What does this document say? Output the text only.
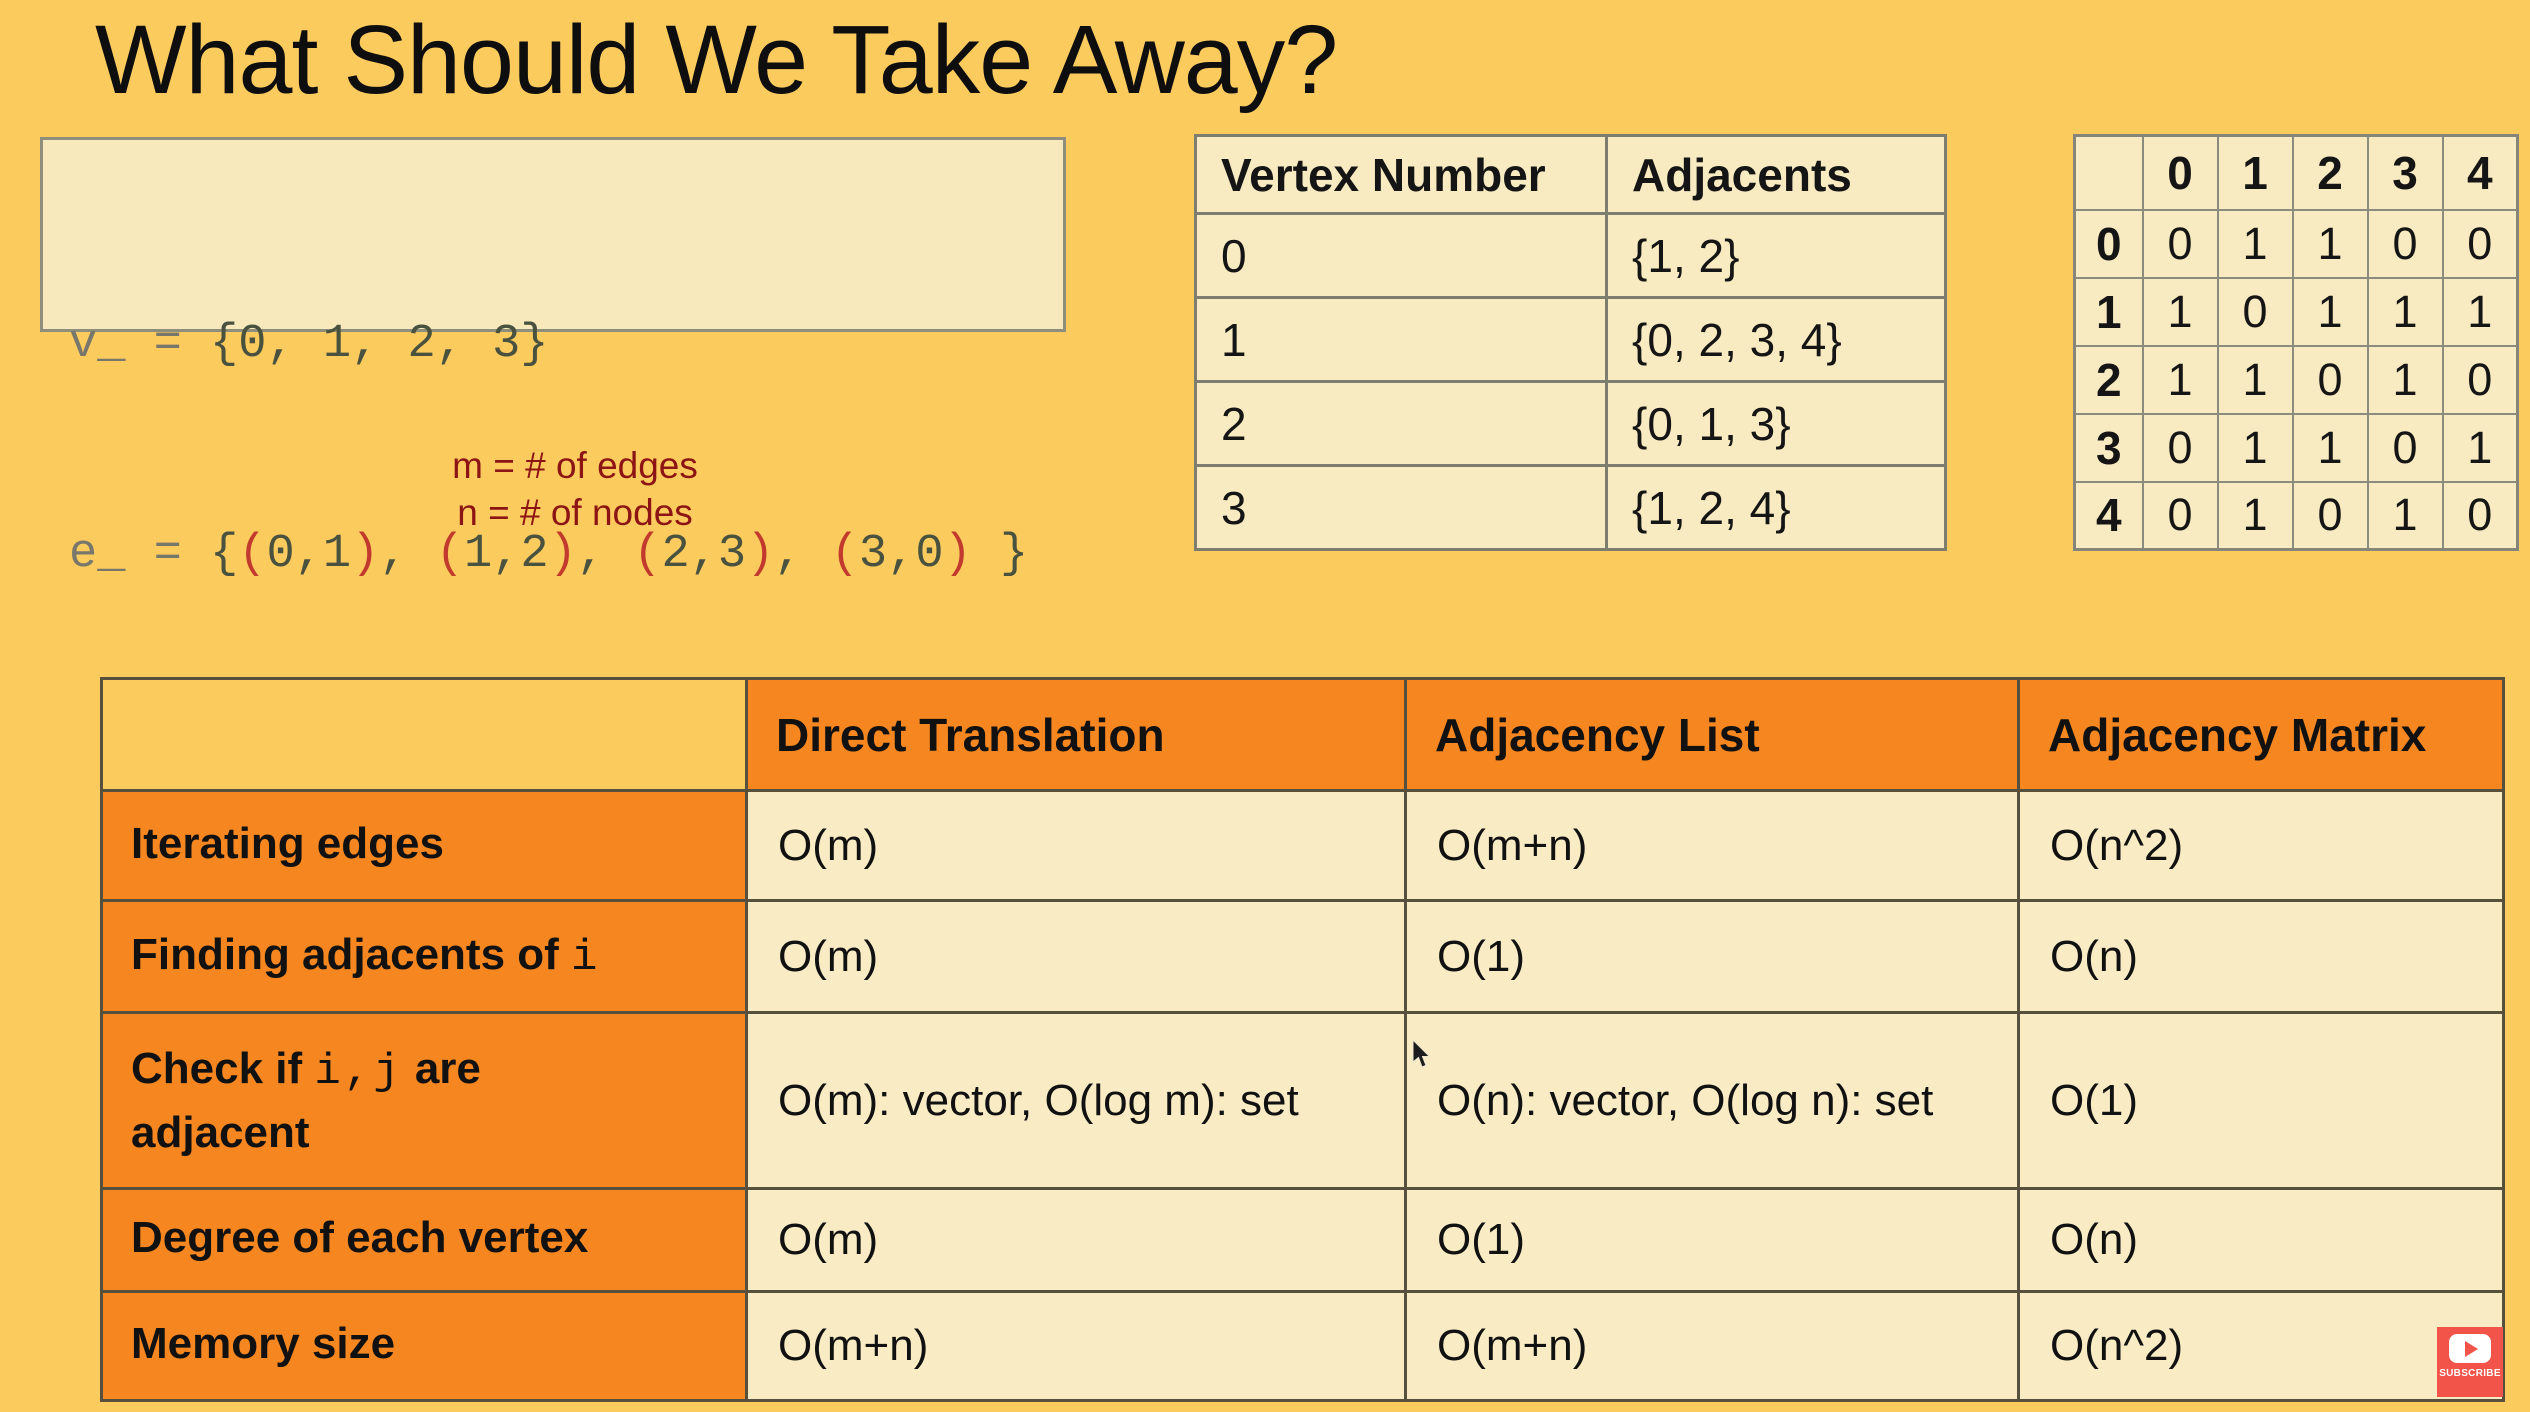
What Should We Take Away?

v_ = {0, 1, 2, 3}

e_ = {(0,1), (1,2), (2,3), (3,0) }

m = # of edges
n = # of nodes
Vertex Number	Adjacents
0	{1, 2}
1	{0, 2, 3, 4}
2	{0, 1, 3}
3	{1, 2, 4}
	0	1	2	3	4
0	0	1	1	0	0
1	1	0	1	1	1
2	1	1	0	1	0
3	0	1	1	0	1
4	0	1	0	1	0
	Direct Translation	Adjacency List	Adjacency Matrix
Iterating edges	O(m)	O(m+n)	O(n^2)
Finding adjacents of i	O(m)	O(1)	O(n)
Check if i,j are adjacent	O(m): vector, O(log m): set	O(n): vector, O(log n): set	O(1)
Degree of each vertex	O(m)	O(1)	O(n)
Memory size	O(m+n)	O(m+n)	O(n^2)
SUBSCRIBE
